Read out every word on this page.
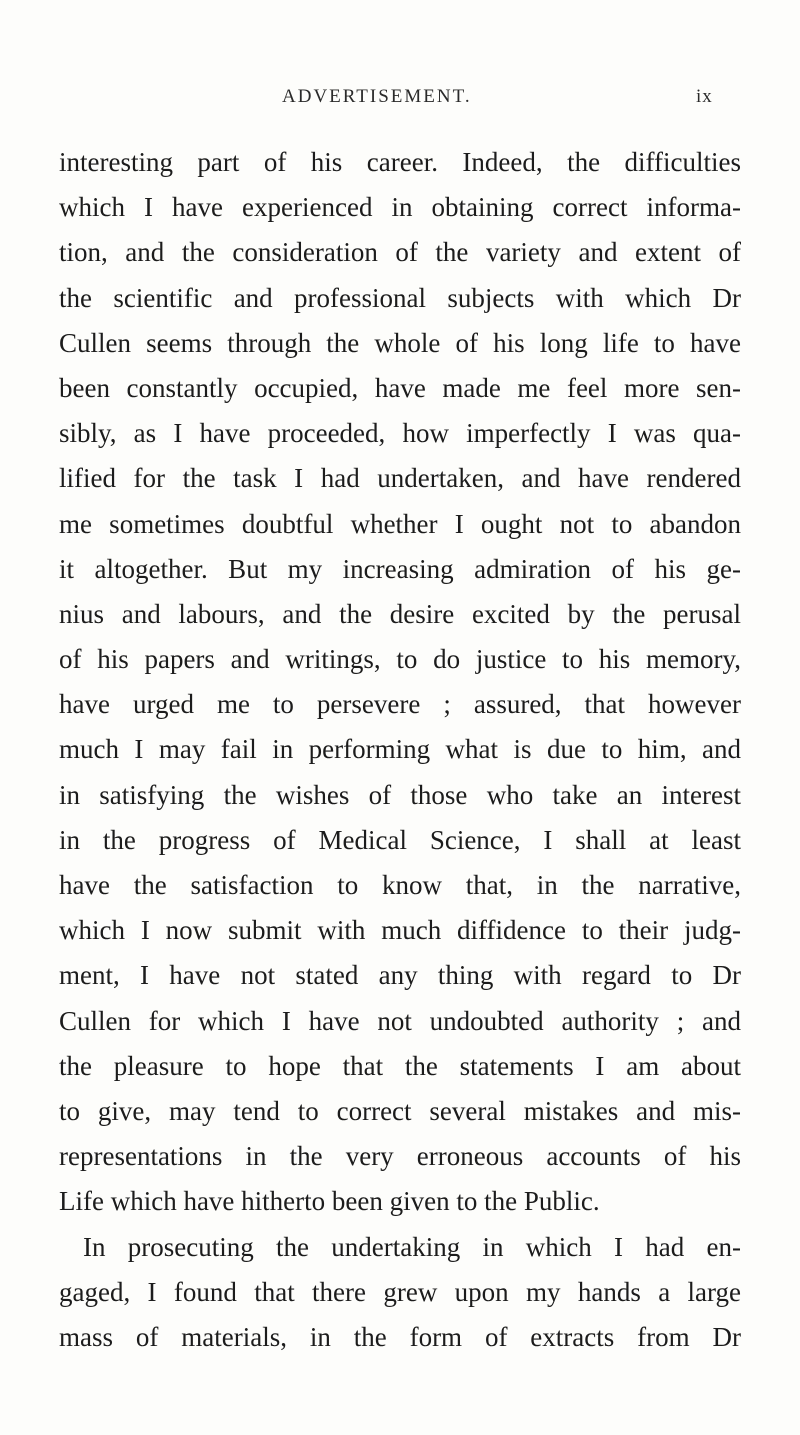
ADVERTISEMENT.	ix
interesting part of his career. Indeed, the difficulties
which I have experienced in obtaining correct informa-
tion, and the consideration of the variety and extent of
the scientific and professional subjects with which Dr
Cullen seems through the whole of his long life to have
been constantly occupied, have made me feel more sen-
sibly, as I have proceeded, how imperfectly I was qua-
lified for the task I had undertaken, and have rendered
me sometimes doubtful whether I ought not to abandon
it altogether. But my increasing admiration of his ge-
nius and labours, and the desire excited by the perusal
of his papers and writings, to do justice to his memory,
have urged me to persevere ; assured, that however
much I may fail in performing what is due to him, and
in satisfying the wishes of those who take an interest
in the progress of Medical Science, I shall at least
have the satisfaction to know that, in the narrative,
which I now submit with much diffidence to their judg-
ment, I have not stated any thing with regard to Dr
Cullen for which I have not undoubted authority ; and
the pleasure to hope that the statements I am about
to give, may tend to correct several mistakes and mis-
representations in the very erroneous accounts of his
Life which have hitherto been given to the Public.
In prosecuting the undertaking in which I had en-
gaged, I found that there grew upon my hands a large
mass of materials, in the form of extracts from Dr
